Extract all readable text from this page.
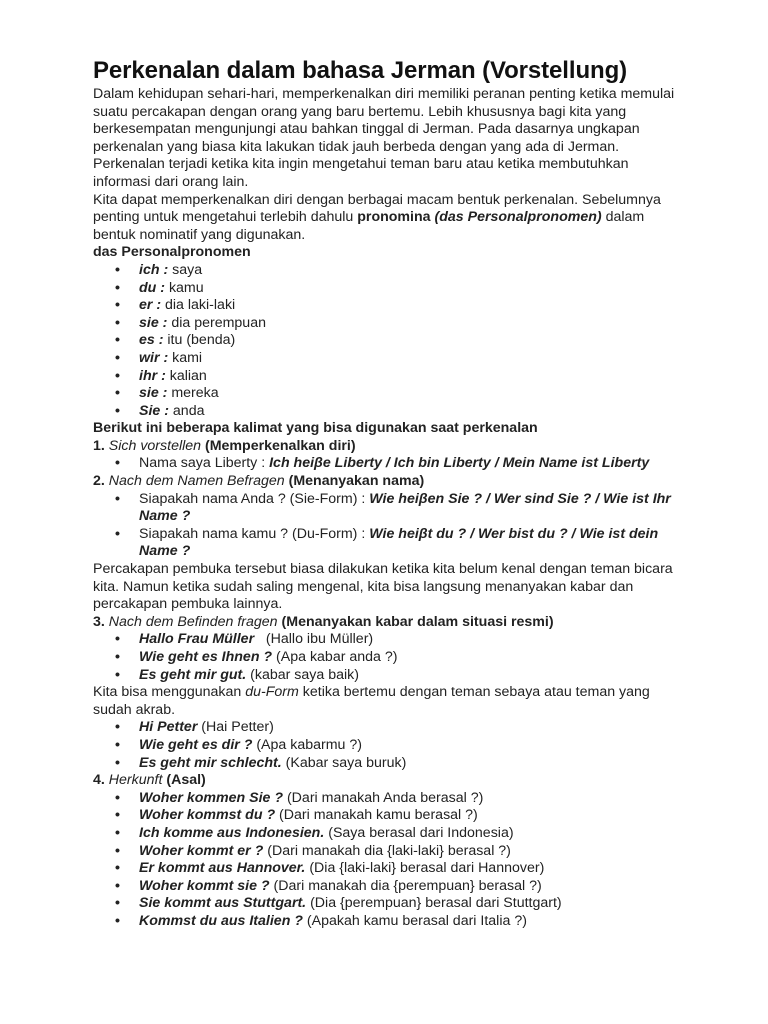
Perkenalan dalam bahasa Jerman (Vorstellung)

Dalam kehidupan sehari-hari, memperkenalkan diri memiliki peranan penting ketika memulai suatu percakapan dengan orang yang baru bertemu. Lebih khususnya bagi kita yang berkesempatan mengunjungi atau bahkan tinggal di Jerman. Pada dasarnya ungkapan perkenalan yang biasa kita lakukan tidak jauh berbeda dengan yang ada di Jerman. Perkenalan terjadi ketika kita ingin mengetahui teman baru atau ketika membutuhkan informasi dari orang lain.

Kita dapat memperkenalkan diri dengan berbagai macam bentuk perkenalan. Sebelumnya penting untuk mengetahui terlebih dahulu pronomina (das Personalpronomen) dalam bentuk nominatif yang digunakan.

das Personalpronomen

• ich : saya
• du : kamu
• er : dia laki-laki
• sie : dia perempuan
• es : itu (benda)
• wir : kami
• ihr : kalian
• sie : mereka
• Sie : anda

Berikut ini beberapa kalimat yang bisa digunakan saat perkenalan

1. Sich vorstellen (Memperkenalkan diri)

• Nama saya Liberty : Ich heiβe Liberty / Ich bin Liberty / Mein Name ist Liberty

2. Nach dem Namen Befragen (Menanyakan nama)

• Siapakah nama Anda ? (Sie-Form) : Wie heiβen Sie ? / Wer sind Sie ? / Wie ist Ihr Name ?
• Siapakah nama kamu ? (Du-Form) : Wie heiβt du ? / Wer bist du ? / Wie ist dein Name ?

Percakapan pembuka tersebut biasa dilakukan ketika kita belum kenal dengan teman bicara kita. Namun ketika sudah saling mengenal, kita bisa langsung menanyakan kabar dan percakapan pembuka lainnya.

3. Nach dem Befinden fragen (Menanyakan kabar dalam situasi resmi)

• Hallo Frau Müller   (Hallo ibu Müller)
• Wie geht es Ihnen ? (Apa kabar anda ?)
• Es geht mir gut. (kabar saya baik)

Kita bisa menggunakan du-Form ketika bertemu dengan teman sebaya atau teman yang sudah akrab.

• Hi Petter (Hai Petter)
• Wie geht es dir ? (Apa kabarmu ?)
• Es geht mir schlecht. (Kabar saya buruk)

4. Herkunft (Asal)

• Woher kommen Sie ? (Dari manakah Anda berasal ?)
• Woher kommst du ? (Dari manakah kamu berasal ?)
• Ich komme aus Indonesien. (Saya berasal dari Indonesia)
• Woher kommt er ? (Dari manakah dia {laki-laki} berasal ?)
• Er kommt aus Hannover. (Dia {laki-laki} berasal dari Hannover)
• Woher kommt sie ? (Dari manakah dia {perempuan} berasal ?)
• Sie kommt aus Stuttgart. (Dia {perempuan} berasal dari Stuttgart)
• Kommst du aus Italien ? (Apakah kamu berasal dari Italia ?)
